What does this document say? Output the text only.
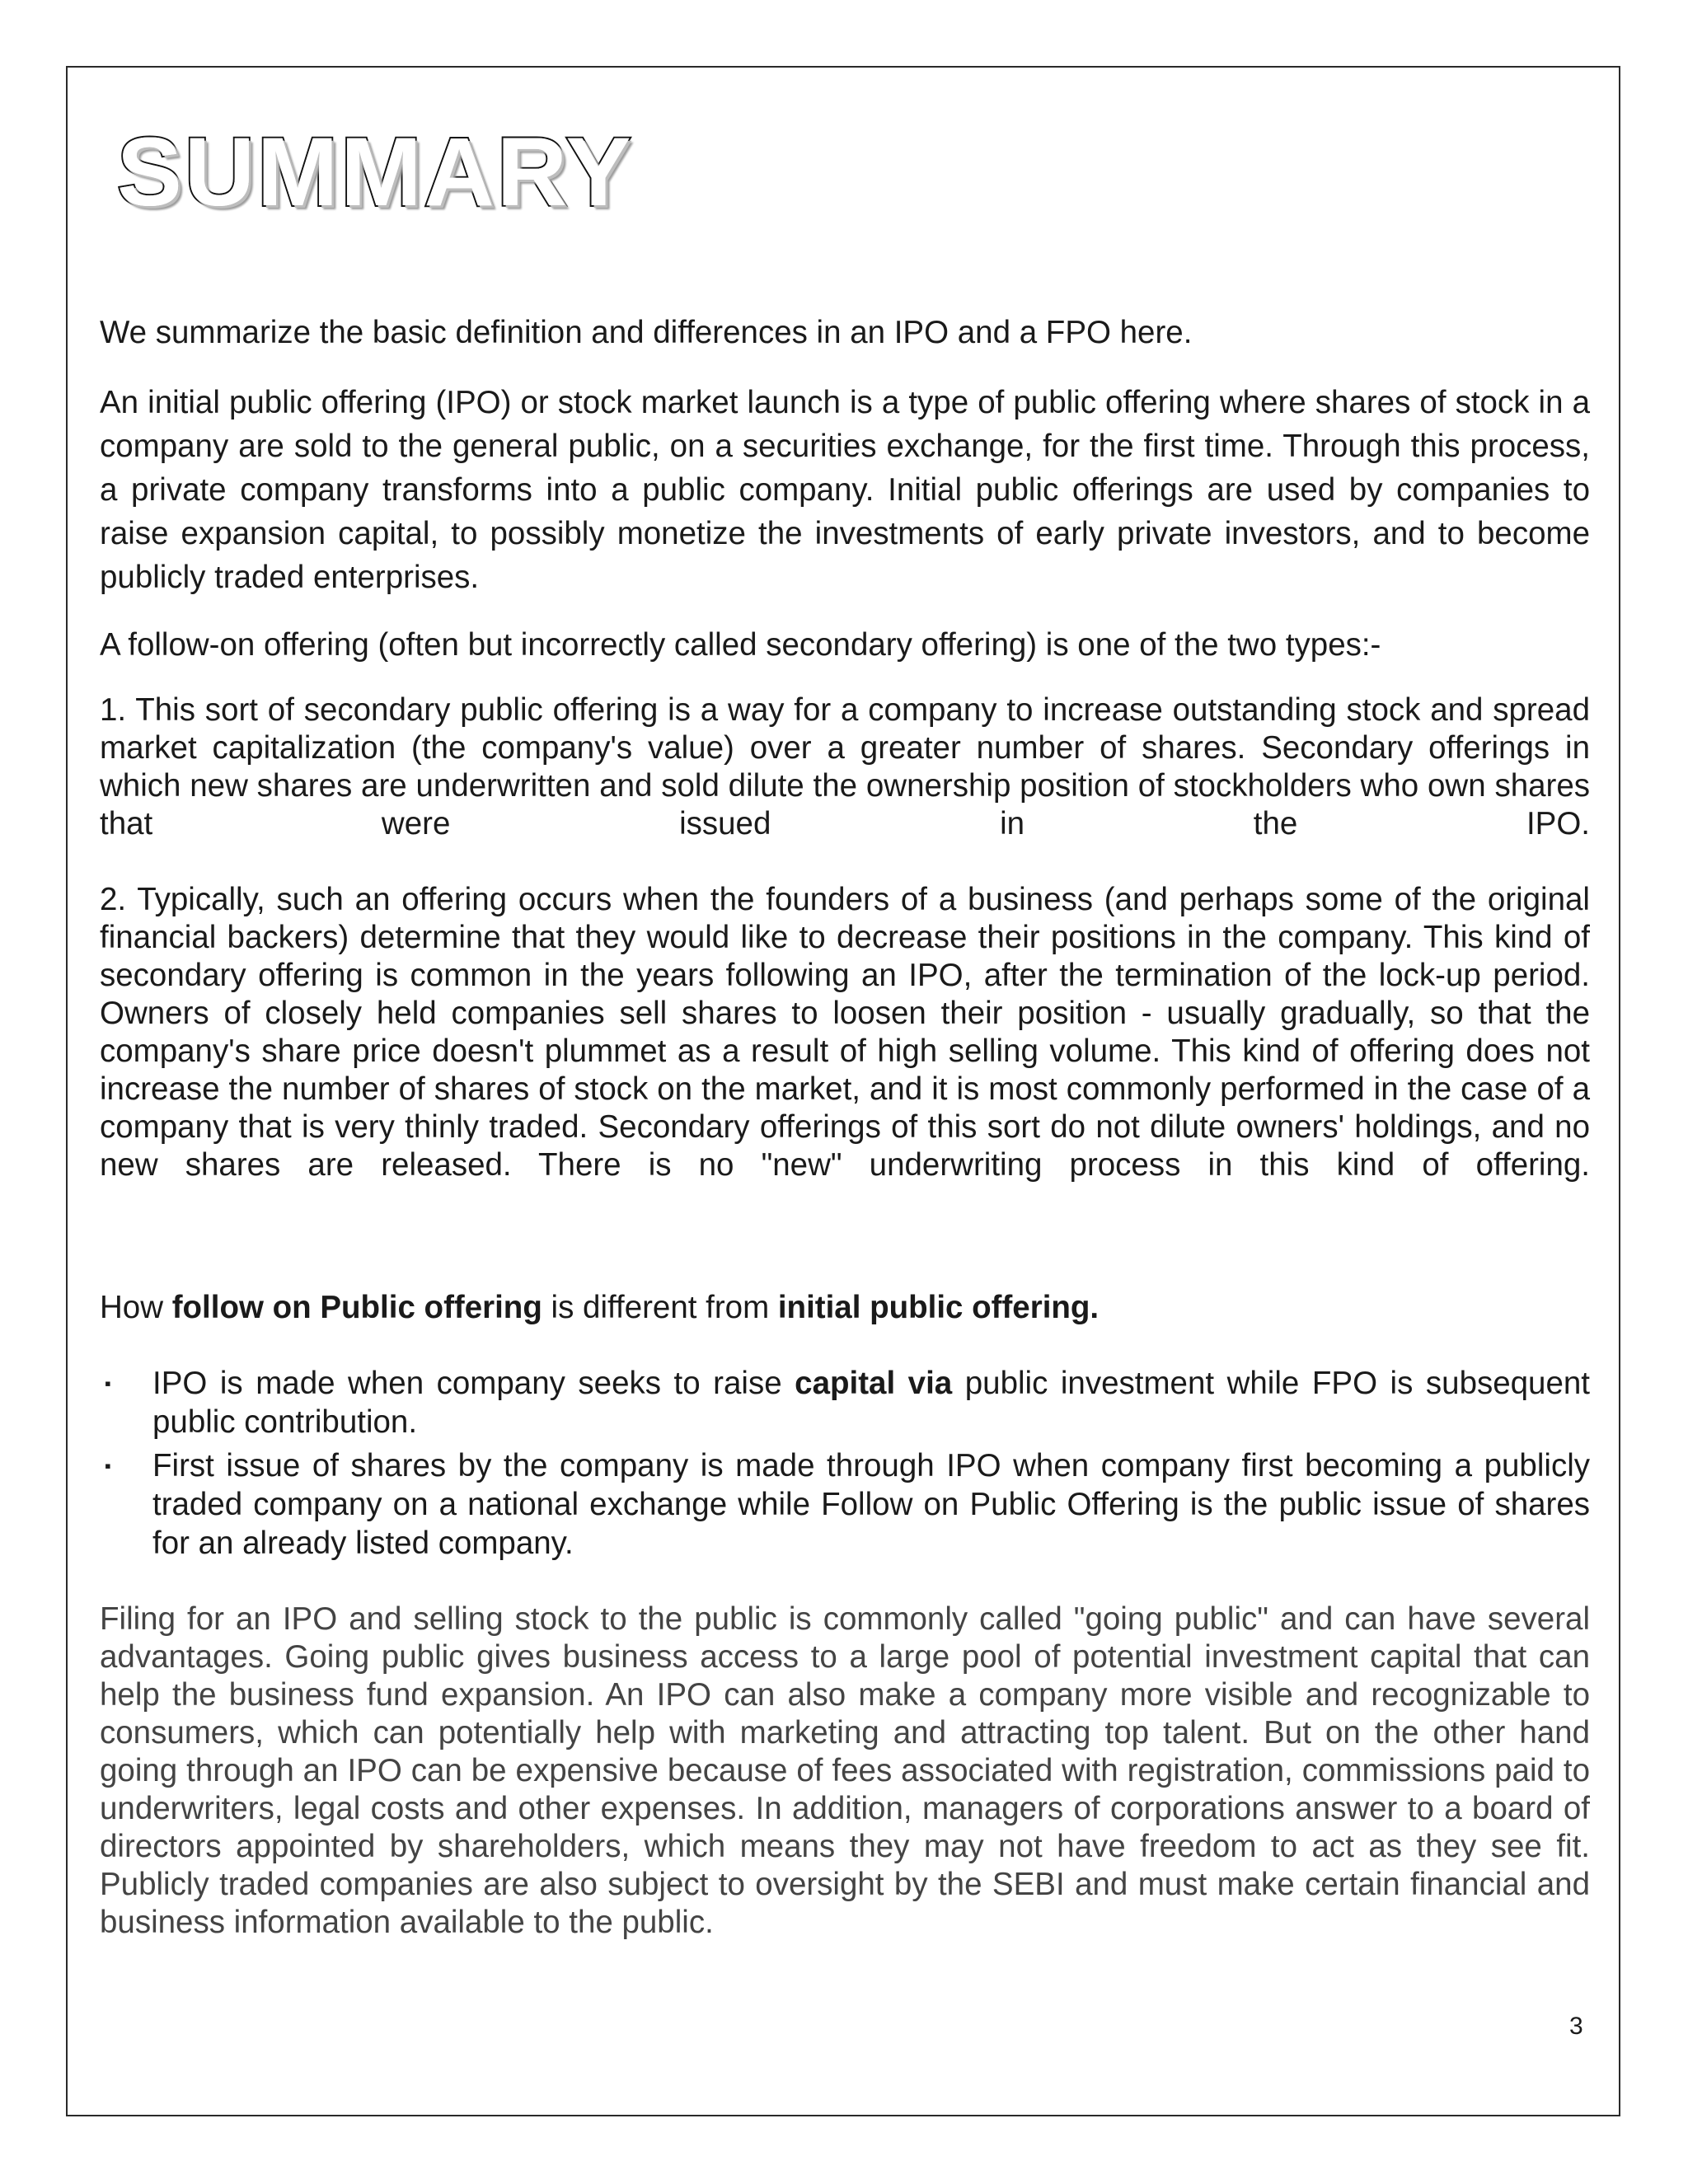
SUMMARY

We summarize the basic definition and differences in an IPO and a FPO here.

An initial public offering (IPO) or stock market launch is a type of public offering where shares of stock in a company are sold to the general public, on a securities exchange, for the first time. Through this process, a private company transforms into a public company. Initial public offerings are used by companies to raise expansion capital, to possibly monetize the investments of early private investors, and to become publicly traded enterprises.

A follow-on offering (often but incorrectly called secondary offering) is one of the two types:-

1. This sort of secondary public offering is a way for a company to increase outstanding stock and spread market capitalization (the company's value) over a greater number of shares. Secondary offerings in which new shares are underwritten and sold dilute the ownership position of stockholders who own shares that were issued in the IPO.

2. Typically, such an offering occurs when the founders of a business (and perhaps some of the original financial backers) determine that they would like to decrease their positions in the company. This kind of secondary offering is common in the years following an IPO, after the termination of the lock-up period. Owners of closely held companies sell shares to loosen their position - usually gradually, so that the company's share price doesn't plummet as a result of high selling volume. This kind of offering does not increase the number of shares of stock on the market, and it is most commonly performed in the case of a company that is very thinly traded. Secondary offerings of this sort do not dilute owners' holdings, and no new shares are released. There is no "new" underwriting process in this kind of offering.

How follow on Public offering is different from initial public offering.

▪ IPO is made when company seeks to raise capital via public investment while FPO is subsequent public contribution.
▪ First issue of shares by the company is made through IPO when company first becoming a publicly traded company on a national exchange while Follow on Public Offering is the public issue of shares for an already listed company.

Filing for an IPO and selling stock to the public is commonly called "going public" and can have several advantages. Going public gives business access to a large pool of potential investment capital that can help the business fund expansion. An IPO can also make a company more visible and recognizable to consumers, which can potentially help with marketing and attracting top talent. But on the other hand going through an IPO can be expensive because of fees associated with registration, commissions paid to underwriters, legal costs and other expenses. In addition, managers of corporations answer to a board of directors appointed by shareholders, which means they may not have freedom to act as they see fit. Publicly traded companies are also subject to oversight by the SEBI and must make certain financial and business information available to the public.

3
